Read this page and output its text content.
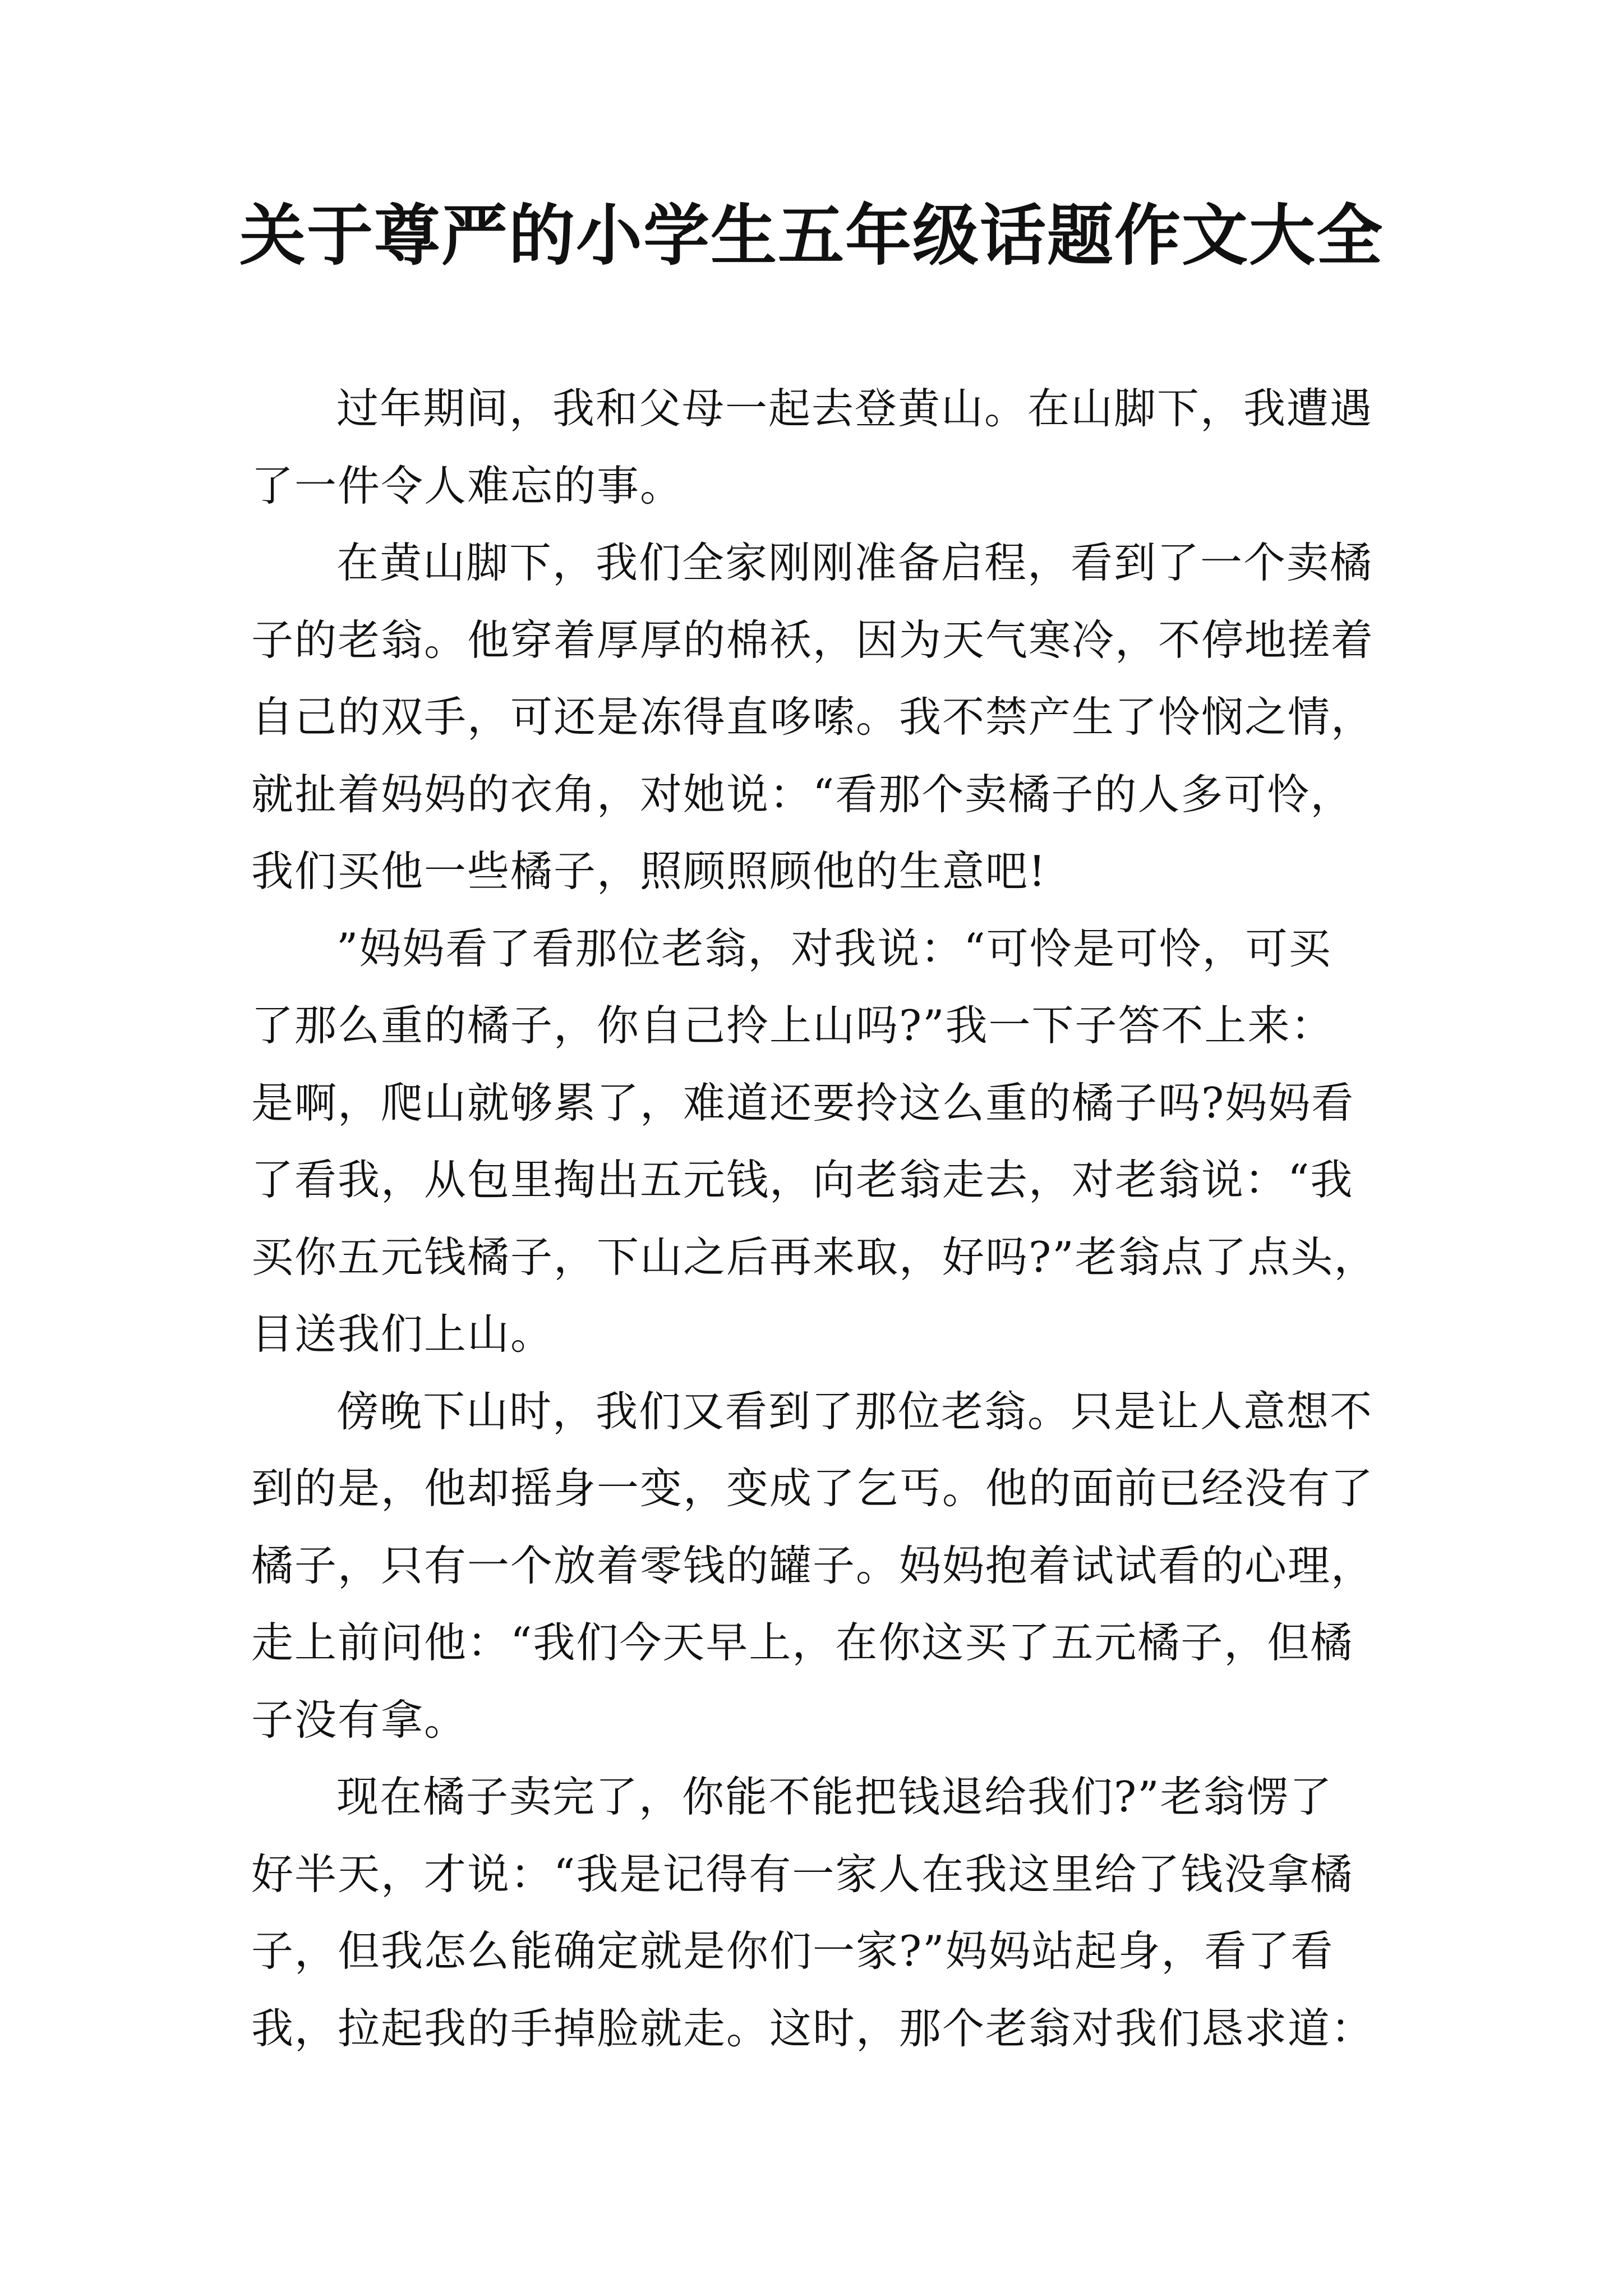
关于尊严的小学生五年级话题作文大全
过年期间，我和父母一起去登黄山。在山脚下，我遭遇
了一件令人难忘的事。
在黄山脚下，我们全家刚刚准备启程，看到了一个卖橘
子的老翁。他穿着厚厚的棉袄，因为天气寒冷，不停地搓着
自己的双手，可还是冻得直哆嗦。我不禁产生了怜悯之情，
就扯着妈妈的衣角，对她说：“看那个卖橘子的人多可怜，
我们买他一些橘子，照顾照顾他的生意吧!
”妈妈看了看那位老翁，对我说：“可怜是可怜，可买
了那么重的橘子，你自己拎上山吗?”我一下子答不上来：
是啊，爬山就够累了，难道还要拎这么重的橘子吗?妈妈看
了看我，从包里掏出五元钱，向老翁走去，对老翁说：“我
买你五元钱橘子，下山之后再来取，好吗?”老翁点了点头，
目送我们上山。
傍晚下山时，我们又看到了那位老翁。只是让人意想不
到的是，他却摇身一变，变成了乞丐。他的面前已经没有了
橘子，只有一个放着零钱的罐子。妈妈抱着试试看的心理，
走上前问他：“我们今天早上，在你这买了五元橘子，但橘
子没有拿。
现在橘子卖完了，你能不能把钱退给我们?”老翁愣了
好半天，才说：“我是记得有一家人在我这里给了钱没拿橘
子，但我怎么能确定就是你们一家?”妈妈站起身，看了看
我，拉起我的手掉脸就走。这时，那个老翁对我们恳求道：
